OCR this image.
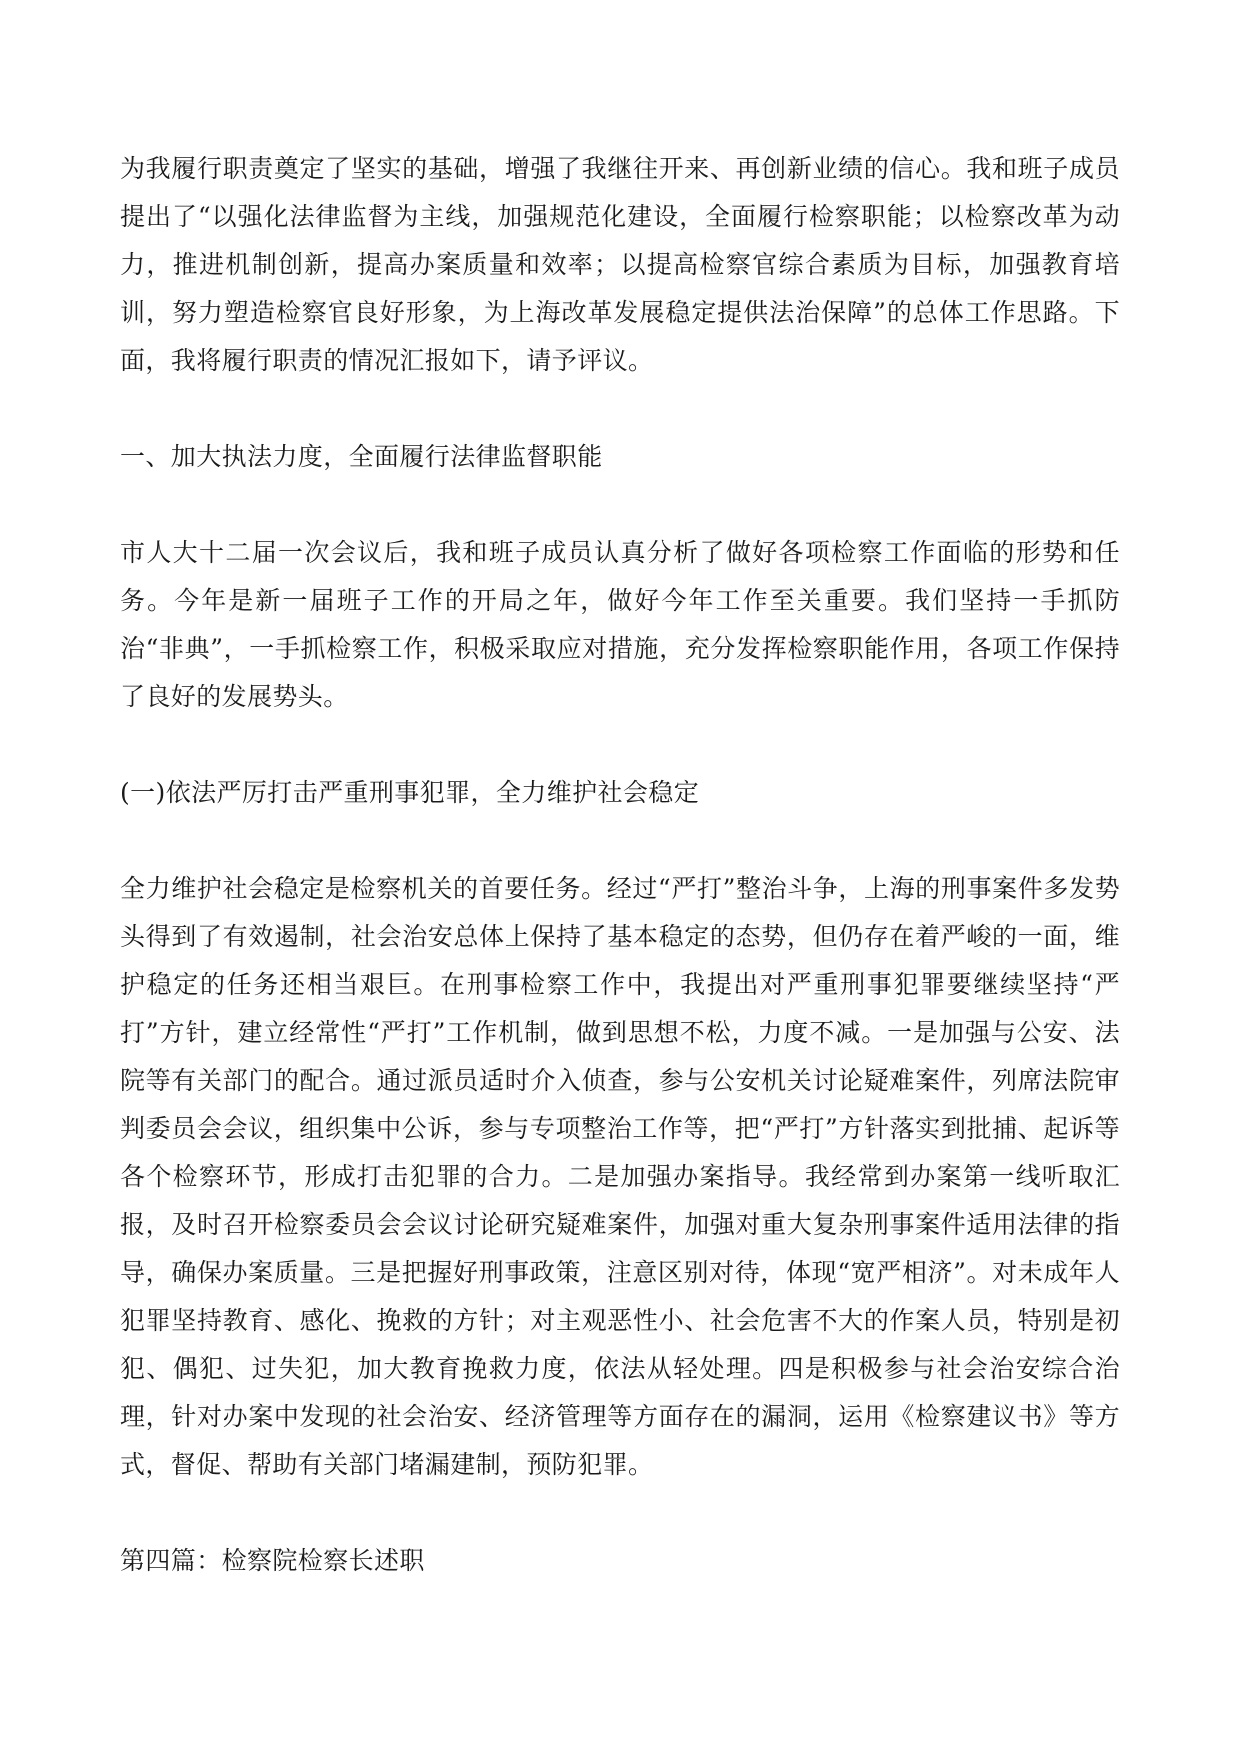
为我履行职责奠定了坚实的基础，增强了我继往开来、再创新业绩的信心。我和班子成员提出了“以强化法律监督为主线，加强规范化建设，全面履行检察职能；以检察改革为动力，推进机制创新，提高办案质量和效率；以提高检察官综合素质为目标，加强教育培训，努力塑造检察官良好形象，为上海改革发展稳定提供法治保障”的总体工作思路。下面，我将履行职责的情况汇报如下，请予评议。

一、加大执法力度，全面履行法律监督职能

市人大十二届一次会议后，我和班子成员认真分析了做好各项检察工作面临的形势和任务。今年是新一届班子工作的开局之年，做好今年工作至关重要。我们坚持一手抓防治“非典”，一手抓检察工作，积极采取应对措施，充分发挥检察职能作用，各项工作保持了良好的发展势头。

(一)依法严厉打击严重刑事犯罪，全力维护社会稳定

全力维护社会稳定是检察机关的首要任务。经过“严打”整治斗争，上海的刑事案件多发势头得到了有效遏制，社会治安总体上保持了基本稳定的态势，但仍存在着严峻的一面，维护稳定的任务还相当艰巨。在刑事检察工作中，我提出对严重刑事犯罪要继续坚持“严打”方针，建立经常性“严打”工作机制，做到思想不松，力度不减。一是加强与公安、法院等有关部门的配合。通过派员适时介入侦查，参与公安机关讨论疑难案件，列席法院审判委员会会议，组织集中公诉，参与专项整治工作等，把“严打”方针落实到批捕、起诉等各个检察环节，形成打击犯罪的合力。二是加强办案指导。我经常到办案第一线听取汇报，及时召开检察委员会会议讨论研究疑难案件，加强对重大复杂刑事案件适用法律的指导，确保办案质量。三是把握好刑事政策，注意区别对待，体现“宽严相济”。对未成年人犯罪坚持教育、感化、挽救的方针；对主观恶性小、社会危害不大的作案人员，特别是初犯、偶犯、过失犯，加大教育挽救力度，依法从轻处理。四是积极参与社会治安综合治理，针对办案中发现的社会治安、经济管理等方面存在的漏洞，运用《检察建议书》等方式，督促、帮助有关部门堵漏建制，预防犯罪。

第四篇：检察院检察长述职
